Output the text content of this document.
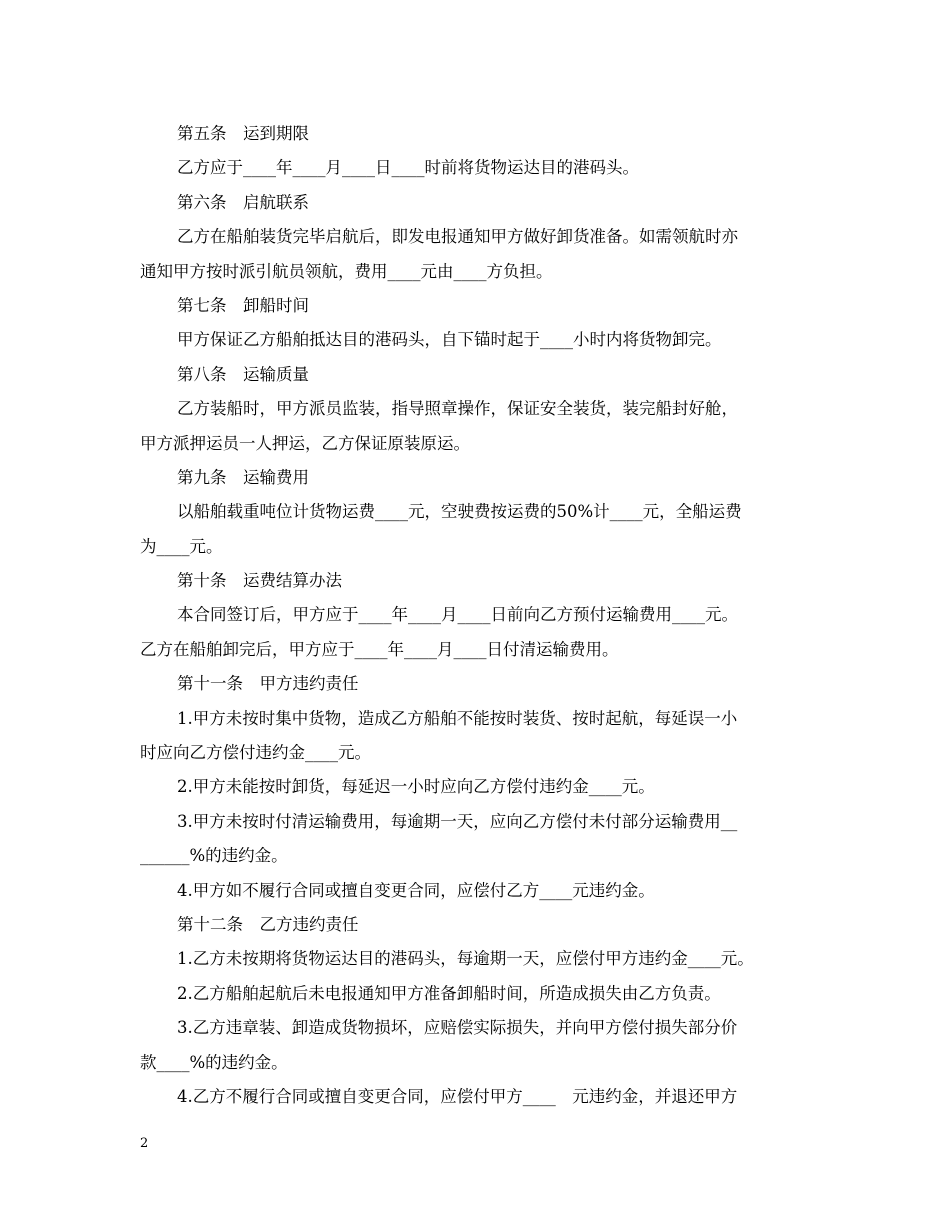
第五条　运到期限
乙方应于____年____月____日____时前将货物运达目的港码头。
第六条　启航联系
乙方在船舶装货完毕启航后，即发电报通知甲方做好卸货准备。如需领航时亦
通知甲方按时派引航员领航，费用____元由____方负担。
第七条　卸船时间
甲方保证乙方船舶抵达目的港码头，自下锚时起于____小时内将货物卸完。
第八条　运输质量
乙方装船时，甲方派员监装，指导照章操作，保证安全装货，装完船封好舱，
甲方派押运员一人押运，乙方保证原装原运。
第九条　运输费用
以船舶载重吨位计货物运费____元，空驶费按运费的50%计____元，全船运费
为____元。
第十条　运费结算办法
本合同签订后，甲方应于____年____月____日前向乙方预付运输费用____元。
乙方在船舶卸完后，甲方应于____年____月____日付清运输费用。
第十一条　甲方违约责任
1.甲方未按时集中货物，造成乙方船舶不能按时装货、按时起航，每延误一小
时应向乙方偿付违约金____元。
2.甲方未能按时卸货，每延迟一小时应向乙方偿付违约金____元。
3.甲方未按时付清运输费用，每逾期一天，应向乙方偿付未付部分运输费用__
______%的违约金。
4.甲方如不履行合同或擅自变更合同，应偿付乙方____元违约金。
第十二条　乙方违约责任
1.乙方未按期将货物运达目的港码头，每逾期一天，应偿付甲方违约金____元。
2.乙方船舶起航后未电报通知甲方准备卸船时间，所造成损失由乙方负责。
3.乙方违章装、卸造成货物损坏，应赔偿实际损失，并向甲方偿付损失部分价
款____%的违约金。
4.乙方不履行合同或擅自变更合同，应偿付甲方____　元违约金，并退还甲方
2
